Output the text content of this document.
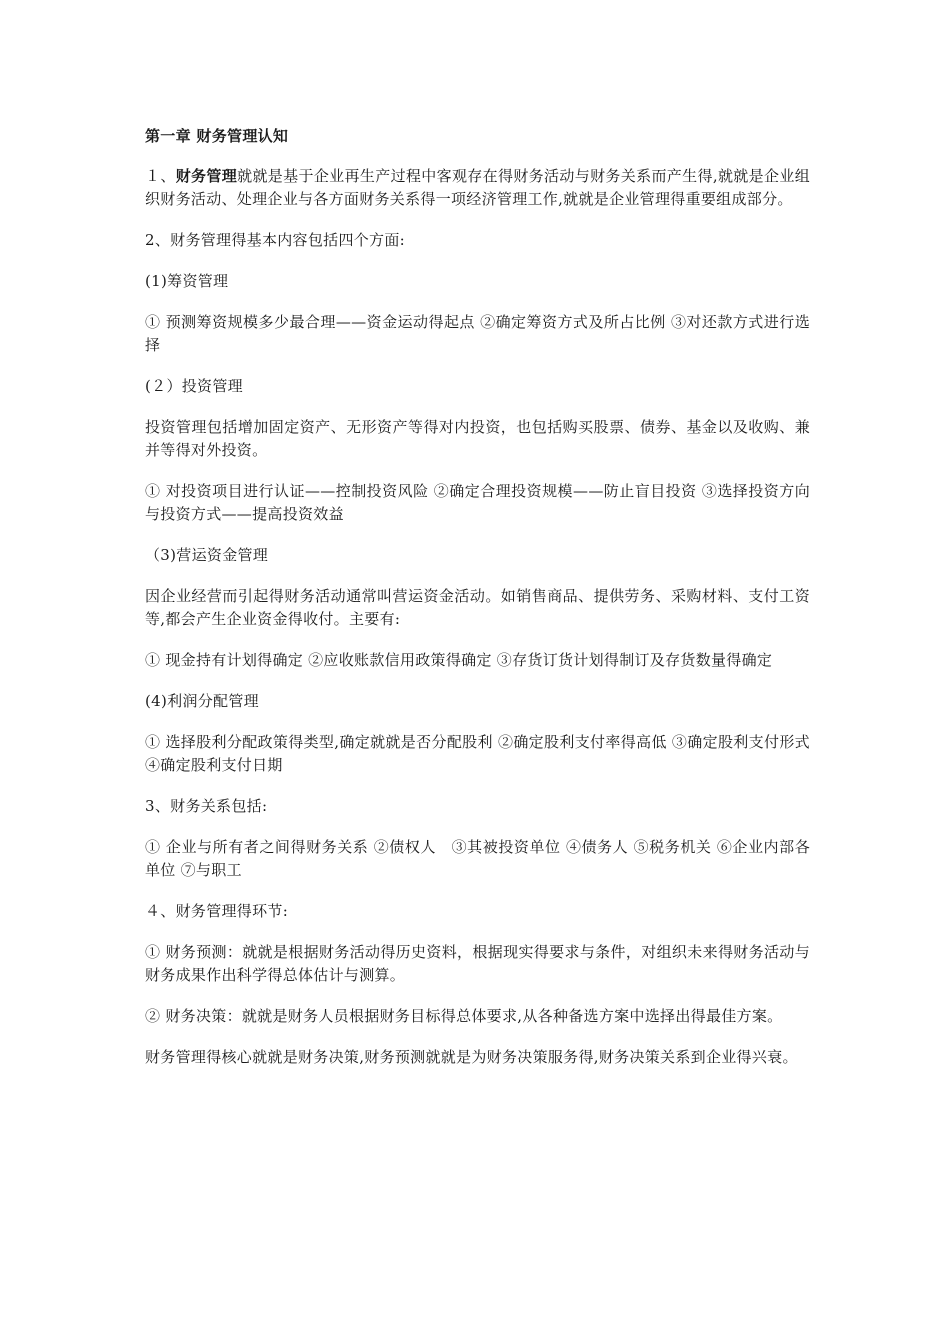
第一章 财务管理认知

１、财务管理就就是基于企业再生产过程中客观存在得财务活动与财务关系而产生得,就就是企业组织财务活动、处理企业与各方面财务关系得一项经济管理工作,就就是企业管理得重要组成部分。

2、财务管理得基本内容包括四个方面:

(1)筹资管理

① 预测筹资规模多少最合理——资金运动得起点 ②确定筹资方式及所占比例 ③对还款方式进行选择

(２）投资管理

投资管理包括增加固定资产、无形资产等得对内投资，也包括购买股票、债券、基金以及收购、兼并等得对外投资。

① 对投资项目进行认证——控制投资风险 ②确定合理投资规模——防止盲目投资 ③选择投资方向与投资方式——提高投资效益

（3)营运资金管理

因企业经营而引起得财务活动通常叫营运资金活动。如销售商品、提供劳务、采购材料、支付工资等,都会产生企业资金得收付。主要有:

① 现金持有计划得确定 ②应收账款信用政策得确定 ③存货订货计划得制订及存货数量得确定

(4)利润分配管理

① 选择股利分配政策得类型,确定就就是否分配股利 ②确定股利支付率得高低 ③确定股利支付形式 ④确定股利支付日期

3、财务关系包括:

① 企业与所有者之间得财务关系 ②债权人　③其被投资单位 ④债务人 ⑤税务机关 ⑥企业内部各单位 ⑦与职工

４、财务管理得环节:

① 财务预测：就就是根据财务活动得历史资料，根据现实得要求与条件，对组织未来得财务活动与财务成果作出科学得总体估计与测算。

② 财务决策：就就是财务人员根据财务目标得总体要求,从各种备选方案中选择出得最佳方案。

财务管理得核心就就是财务决策,财务预测就就是为财务决策服务得,财务决策关系到企业得兴衰。
